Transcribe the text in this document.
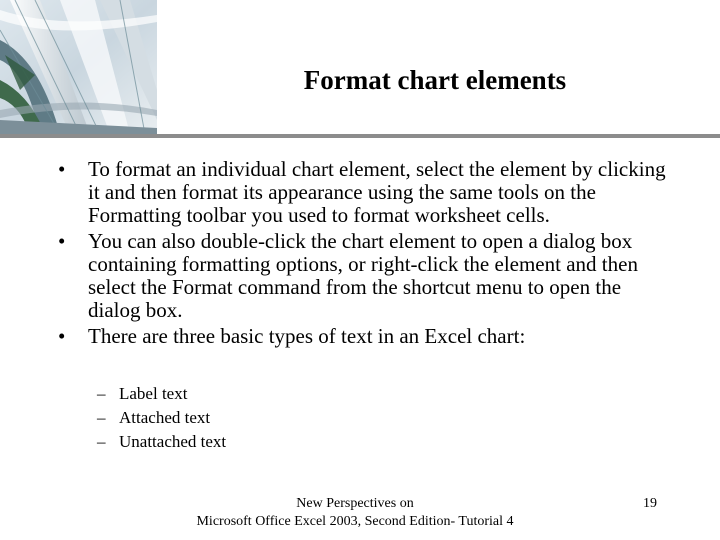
Format chart elements
• To format an individual chart element, select the element by clicking it and then format its appearance using the same tools on the Formatting toolbar you used to format worksheet cells.
• You can also double-click the chart element to open a dialog box containing formatting options, or right-click the element and then select the Format command from the shortcut menu to open the dialog box.
• There are three basic types of text in an Excel chart:
– Label text
– Attached text
– Unattached text
New Perspectives on
Microsoft Office Excel 2003, Second Edition- Tutorial 4
19
